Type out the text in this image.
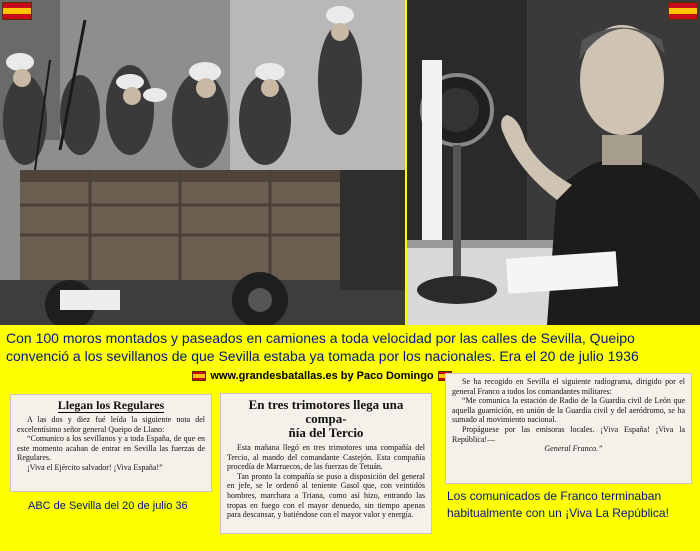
Con 100 moros montados y paseados en camiones a toda velocidad por las calles de Sevilla, Queipo
convenció a los sevillanos de que Sevilla estaba ya tomada por los nacionales. Era el 20 de julio 1936
www.grandesbatallas.es by Paco Domingo
Llegan los Regulares

A las dos y diez fué leída la siguiente nota del excelentísimo señor general Queipo de Llano:

“Comunico a los sevillanos y a toda España, de que en este momento acaban de entrar en Sevilla las fuerzas de Regulares.

¡Viva el Ejército salvador! ¡Viva España!”

En tres trimotores llega una compa-
ñía del Tercio

Esta mañana llegó en tres trimotores una compañía del Tercio, al mando del comandante Castejón. Esta compañía procedía de Marruecos, de las fuerzas de Tetuán.

Tan pronto la compañía se puso a disposición del general en jefe, se le ordenó al teniente Gasol que, con veintidós hombres, marchara a Triana, como así hizo, entrando las tropas en fuego con el mayor denuedo, sin tiempo apenas para descansar, y batiéndose con el mayor valor y energía.

Se ha recogido en Sevilla el siguiente radiograma, dirigido por el general Franco a todos los comandantes militares:

“Me comunica la estación de Radio de la Guardia civil de León que aquella guarnición, en unión de la Guardia civil y del aeródromo, se ha sumado al movimiento nacional.

Propáguese por las emisoras locales. ¡Viva España! ¡Viva la República!—

General Franco.”

ABC de Sevilla del 20 de julio 36
Los comunicados de Franco terminaban habitualmente con un ¡Viva La República!
